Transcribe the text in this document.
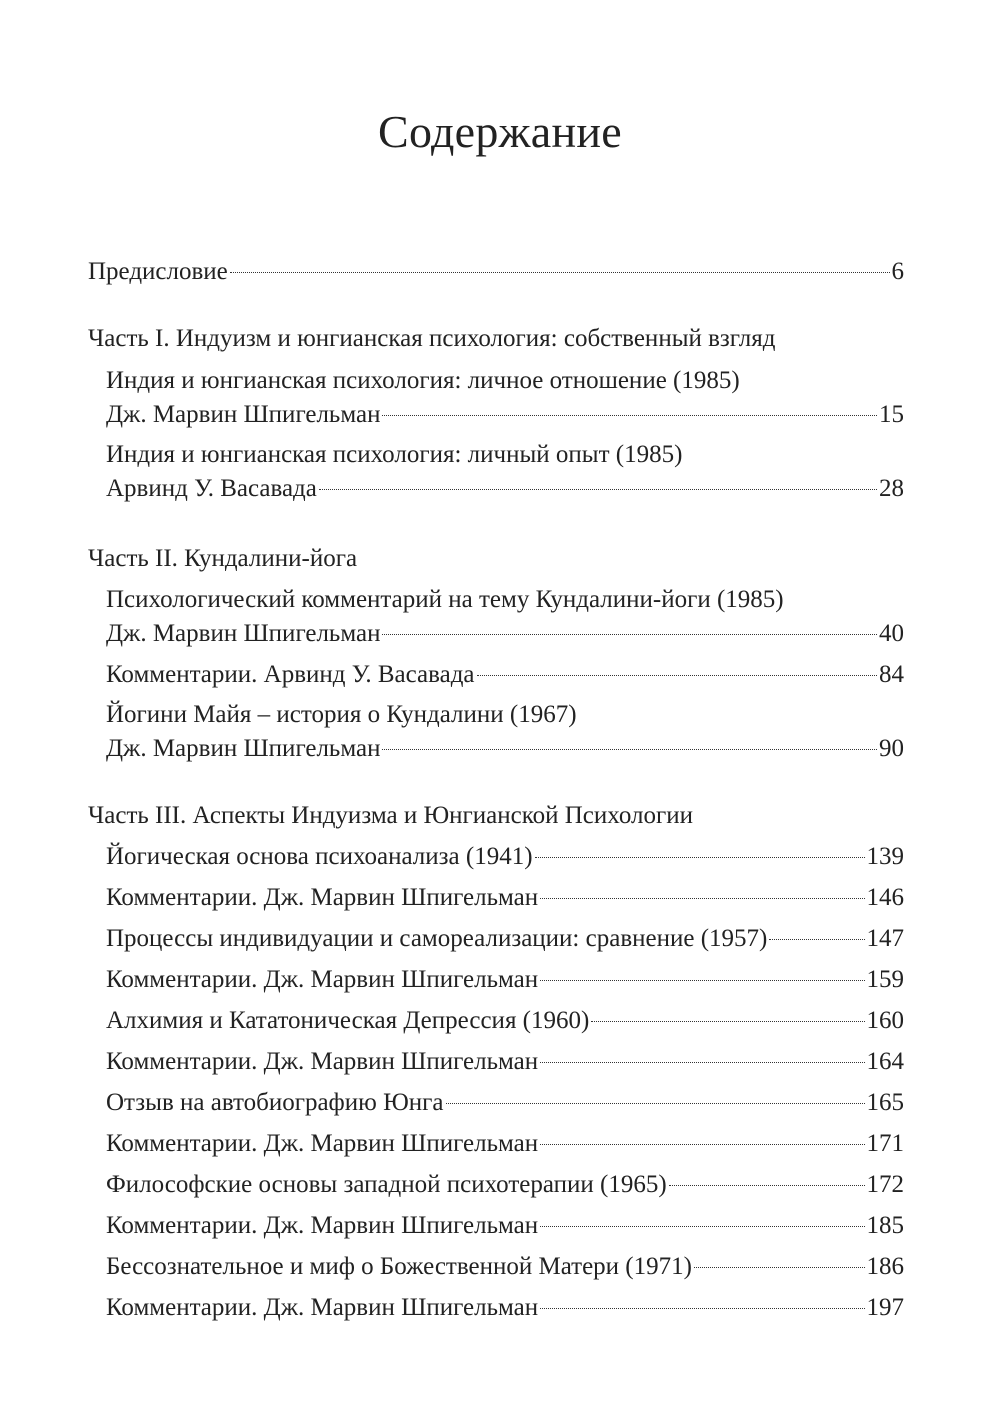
Содержание
Предисловие	6
Часть I. Индуизм и юнгианская психология: собственный взгляд
Индия и юнгианская психология: личное отношение (1985)
Дж. Марвин Шпигельман	15
Индия и юнгианская психология: личный опыт (1985)
Арвинд У. Васавада	28
Часть II. Кундалини-йога
Психологический комментарий на тему Кундалини-йоги (1985)
Дж. Марвин Шпигельман	40
Комментарии. Арвинд У. Васавада	84
Йогини Майя – история о Кундалини (1967)
Дж. Марвин Шпигельман	90
Часть III. Аспекты Индуизма и Юнгианской Психологии
Йогическая основа психоанализа (1941)	139
Комментарии. Дж. Марвин Шпигельман	146
Процессы индивидуации и самореализации: сравнение (1957)	147
Комментарии. Дж. Марвин Шпигельман	159
Алхимия и Кататоническая Депрессия (1960)	160
Комментарии. Дж. Марвин Шпигельман	164
Отзыв на автобиографию Юнга	165
Комментарии. Дж. Марвин Шпигельман	171
Философские основы западной психотерапии (1965)	172
Комментарии. Дж. Марвин Шпигельман	185
Бессознательное и миф о Божественной Матери (1971)	186
Комментарии. Дж. Марвин Шпигельман	197
